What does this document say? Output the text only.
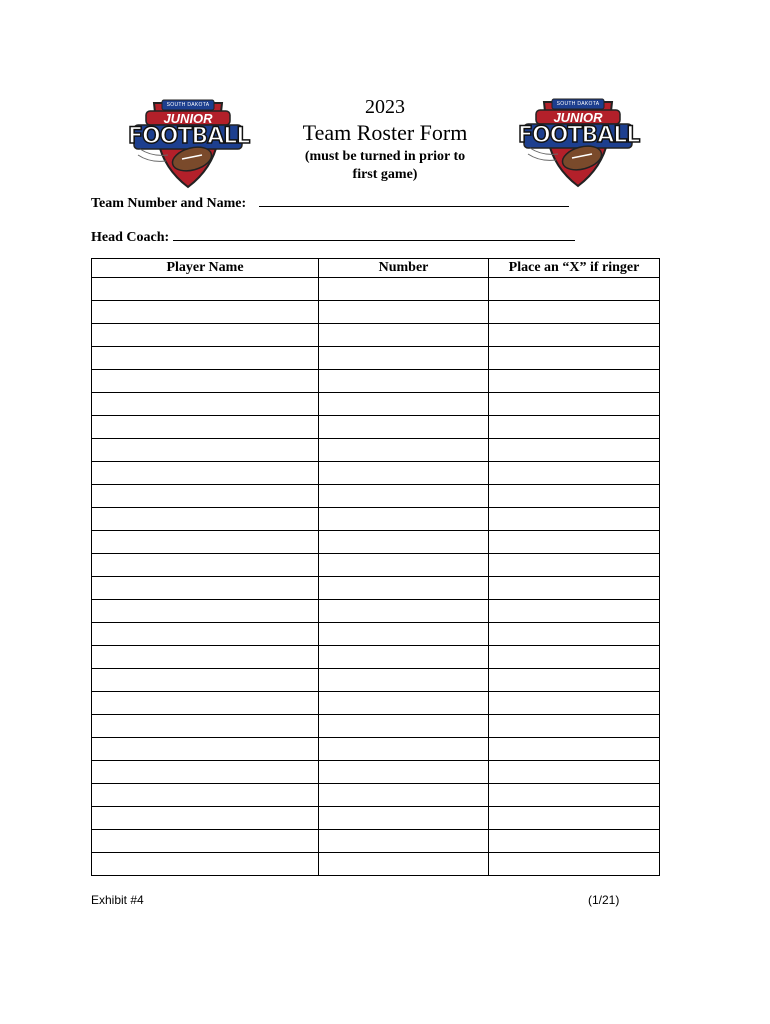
SOUTH DAKOTA
JUNIOR
FOOTBALL
SOUTH DAKOTA
JUNIOR
FOOTBALL
2023
Team Roster Form
(must be turned in prior to
first game)
Team Number and Name:
Head Coach:
Player Name	Number	Place an “X” if ringer

Exhibit #4	(1/21)
